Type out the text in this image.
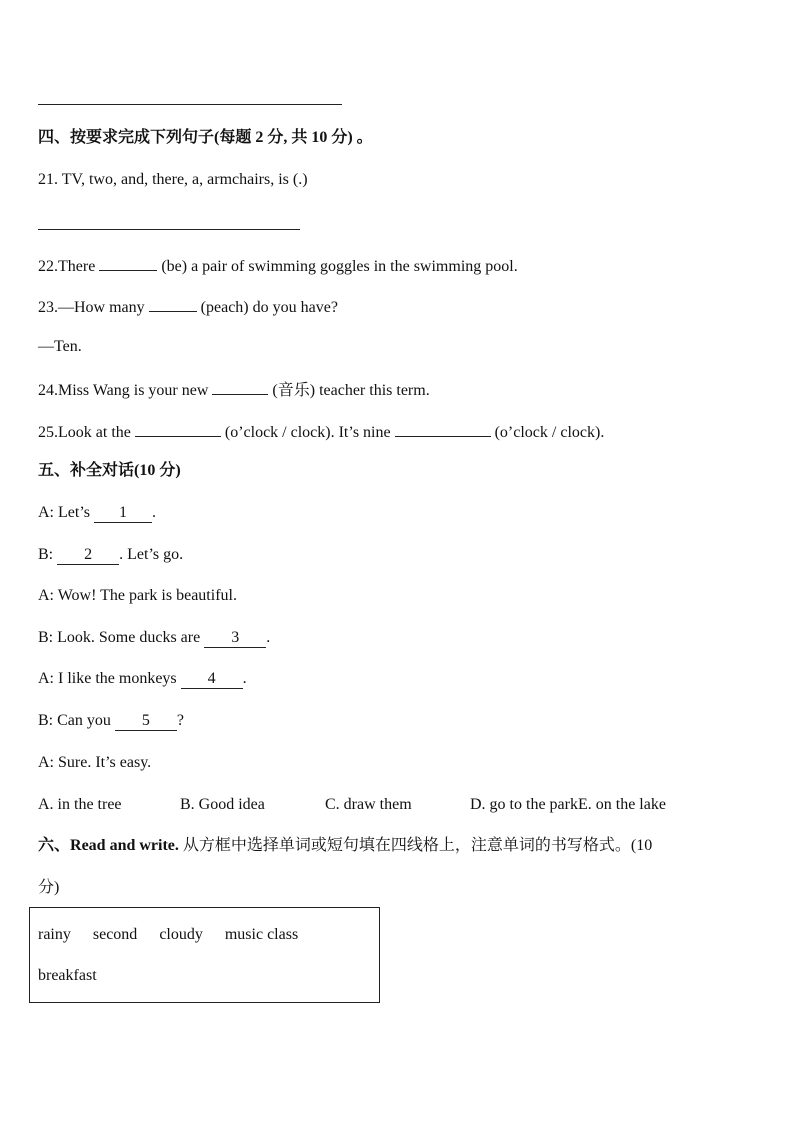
四、按要求完成下列句子(每题 2 分, 共 10 分) 。
21. TV, two, and, there, a, armchairs, is (.)
22.There	(be) a pair of swimming goggles in the swimming pool.
23.—How many	(peach) do you have?
—Ten.
24.Miss Wang is your new	(音乐) teacher this term.
25.Look at the	(o’clock / clock). It’s nine	(o’clock / clock).
五、补全对话(10 分)
A: Let’s 1 .
B: 2 . Let’s go.
A: Wow! The park is beautiful.
B: Look. Some ducks are 3 .
A: I like the monkeys 4 .
B: Can you 5 ?
A: Sure. It’s easy.
A. in the tree	B. Good idea	C. draw them	D. go to the parkE. on the lake
六、Read and write. 从方框中选择单词或短句填在四线格上，注意单词的书写格式。(10
分)
rainy second cloudy music class
breakfast
